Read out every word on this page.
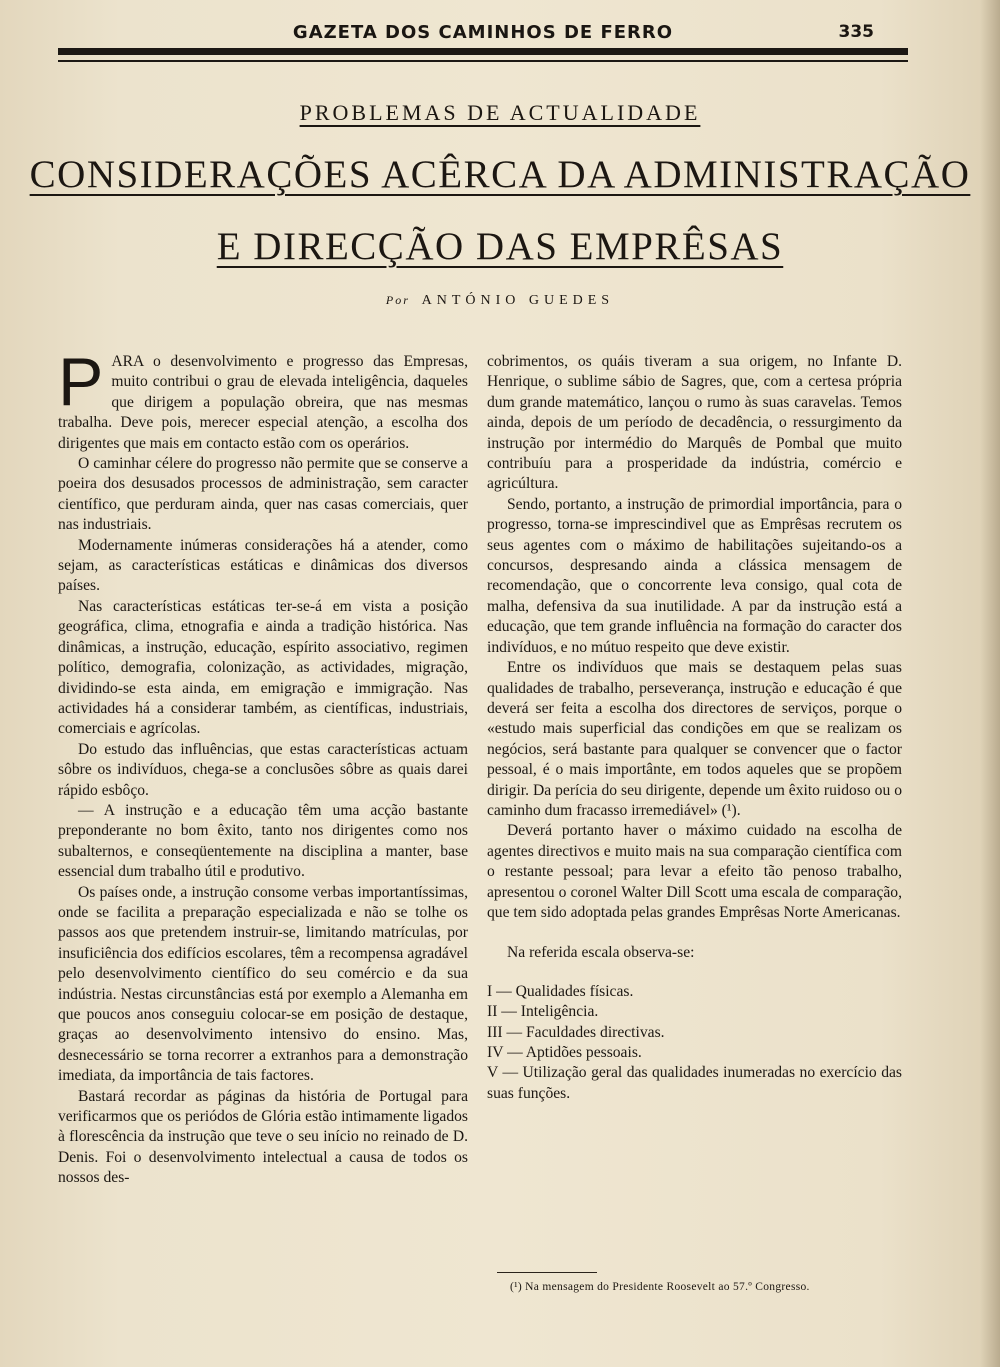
GAZETA DOS CAMINHOS DE FERRO	335
PROBLEMAS DE ACTUALIDADE
CONSIDERAÇÕES ACÊRCA DA ADMINISTRAÇÃO
E DIRECÇÃO DAS EMPRÊSAS
Por ANTÓNIO GUEDES

PARA o desenvolvimento e progresso das Empresas, muito contribui o grau de elevada inteligência, daqueles que dirigem a população obreira, que nas mesmas trabalha. Deve pois, merecer especial atenção, a escolha dos dirigentes que mais em contacto estão com os operários.

O caminhar célere do progresso não permite que se conserve a poeira dos desusados processos de administração, sem caracter científico, que perduram ainda, quer nas casas comerciais, quer nas industriais.

Modernamente inúmeras considerações há a atender, como sejam, as características estáticas e dinâmicas dos diversos países.

Nas características estáticas ter-se-á em vista a posição geográfica, clima, etnografia e ainda a tradição histórica. Nas dinâmicas, a instrução, educação, espírito associativo, regimen político, demografia, colonização, as actividades, migração, dividindo-se esta ainda, em emigração e immigração. Nas actividades há a considerar também, as científicas, industriais, comerciais e agrícolas.

Do estudo das influências, que estas características actuam sôbre os indivíduos, chega-se a conclusões sôbre as quais darei rápido esbôço.

— A instrução e a educação têm uma acção bastante preponderante no bom êxito, tanto nos dirigentes como nos subalternos, e conseqüentemente na disciplina a manter, base essencial dum trabalho útil e produtivo.

Os países onde, a instrução consome verbas importantíssimas, onde se facilita a preparação especializada e não se tolhe os passos aos que pretendem instruir-se, limitando matrículas, por insuficiência dos edifícios escolares, têm a recompensa agradável pelo desenvolvimento científico do seu comércio e da sua indústria. Nestas circunstâncias está por exemplo a Alemanha em que poucos anos conseguiu colocar-se em posição de destaque, graças ao desenvolvimento intensivo do ensino. Mas, desnecessário se torna recorrer a extranhos para a demonstração imediata, da importância de tais factores.

Bastará recordar as páginas da história de Portugal para verificarmos que os periódos de Glória estão intimamente ligados à florescência da instrução que teve o seu início no reinado de D. Denis. Foi o desenvolvimento intelectual a causa de todos os nossos des-

cobrimentos, os quáis tiveram a sua origem, no Infante D. Henrique, o sublime sábio de Sagres, que, com a certesa própria dum grande matemático, lançou o rumo às suas caravelas. Temos ainda, depois de um período de decadência, o ressurgimento da instrução por intermédio do Marquês de Pombal que muito contribuíu para a prosperidade da indústria, comércio e agricúltura.

Sendo, portanto, a instrução de primordial importância, para o progresso, torna-se imprescindivel que as Emprêsas recrutem os seus agentes com o máximo de habilitações sujeitando-os a concursos, despresando ainda a clássica mensagem de recomendação, que o concorrente leva consigo, qual cota de malha, defensiva da sua inutilidade. A par da instrução está a educação, que tem grande influência na formação do caracter dos indivíduos, e no mútuo respeito que deve existir.

Entre os indivíduos que mais se destaquem pelas suas qualidades de trabalho, perseverança, instrução e educação é que deverá ser feita a escolha dos directores de serviços, porque o «estudo mais superficial das condições em que se realizam os negócios, será bastante para qualquer se convencer que o factor pessoal, é o mais importânte, em todos aqueles que se propõem dirigir. Da perícia do seu dirigente, depende um êxito ruidoso ou o caminho dum fracasso irremediável» (¹).

Deverá portanto haver o máximo cuidado na escolha de agentes directivos e muito mais na sua comparação científica com o restante pessoal; para levar a efeito tão penoso trabalho, apresentou o coronel Walter Dill Scott uma escala de comparação, que tem sido adoptada pelas grandes Emprêsas Norte Americanas.

Na referida escala observa-se:

I — Qualidades físicas.
II — Inteligência.
III — Faculdades directivas.
IV — Aptidões pessoais.
V — Utilização geral das qualidades inumeradas no exercício das suas funções.
(¹) Na mensagem do Presidente Roosevelt ao 57.º Congresso.
